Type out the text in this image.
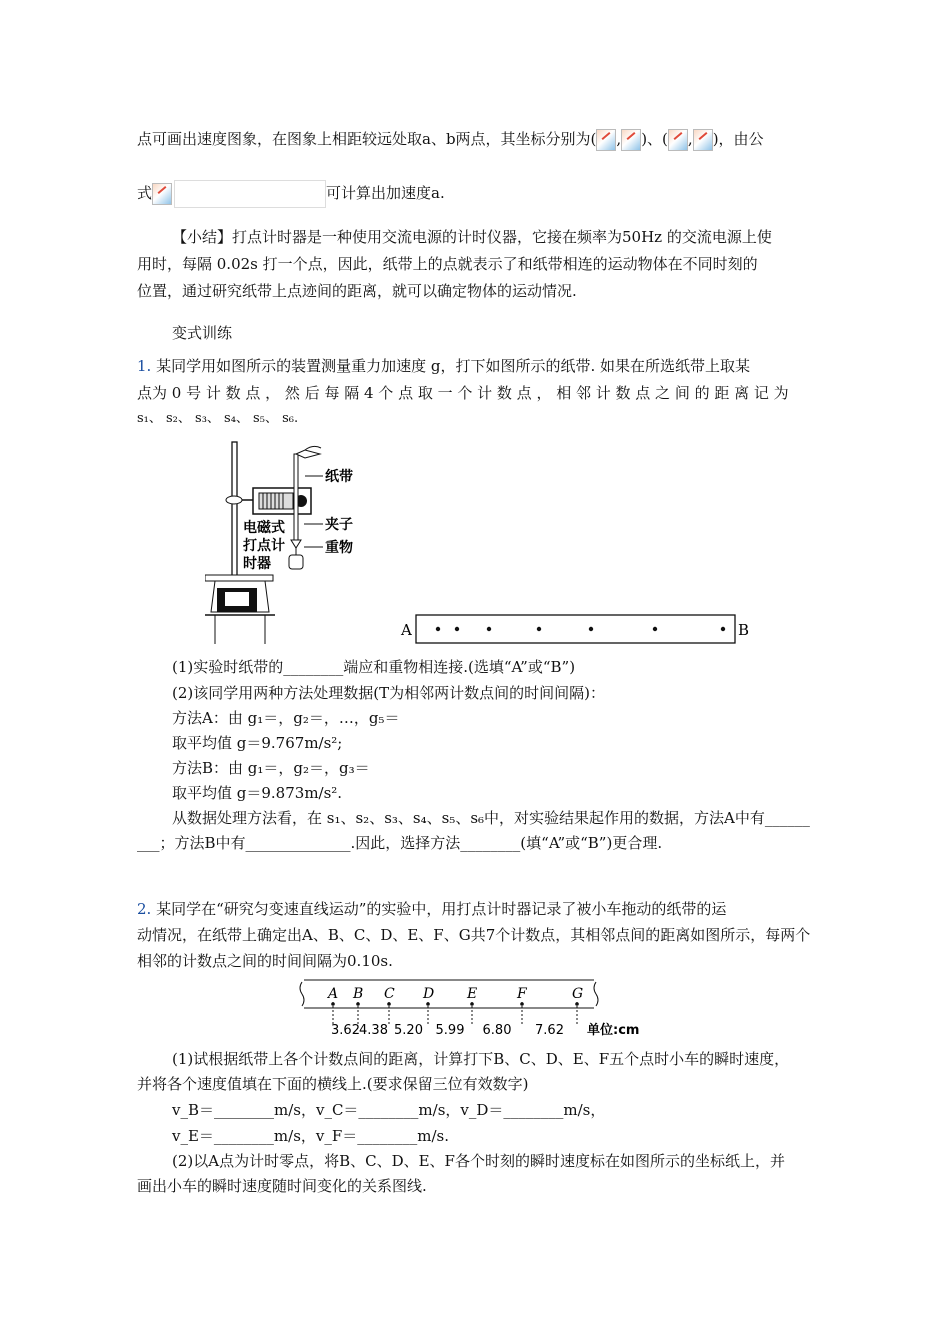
点可画出速度图象，在图象上相距较远处取a、b两点，其坐标分别为( , )、( , )，由公
式	可计算出加速度a.
【小结】打点计时器是一种使用交流电源的计时仪器，它接在频率为50Hz 的交流电源上使
用时，每隔 0.02s 打一个点，因此，纸带上的点就表示了和纸带相连的运动物体在不同时刻的
位置，通过研究纸带上点迹间的距离，就可以确定物体的运动情况.
变式训练
1. 某同学用如图所示的装置测量重力加速度 g，打下如图所示的纸带. 如果在所选纸带上取某
点为 0 号 计 数 点 ， 然 后 每 隔 4 个 点 取 一 个 计 数 点 ， 相 邻 计 数 点 之 间 的 距 离 记 为
s₁、 s₂、 s₃、 s₄、 s₅、 s₆.
纸带
夹子
重物
电磁式
打点计
时器
A	B
(1)实验时纸带的________端应和重物相连接.(选填“A”或“B”)
(2)该同学用两种方法处理数据(T为相邻两计数点间的时间间隔)：
方法A：由 g₁＝，g₂＝，…，g₅＝
取平均值 g＝9.767m/s²;
方法B：由 g₁＝，g₂＝，g₃＝
取平均值 g＝9.873m/s².
从数据处理方法看，在 s₁、s₂、s₃、s₄、s₅、s₆中，对实验结果起作用的数据，方法A中有______
___；方法B中有______________.因此，选择方法________(填“A”或“B”)更合理.
2. 某同学在“研究匀变速直线运动”的实验中，用打点计时器记录了被小车拖动的纸带的运
动情况，在纸带上确定出A、B、C、D、E、F、G共7个计数点，其相邻点间的距离如图所示，每两个
相邻的计数点之间的时间间隔为0.10s.
A B C D E	F	G
3.62 4.38 5.20 5.99 6.80 7.62 单位:cm
(1)试根据纸带上各个计数点间的距离，计算打下B、C、D、E、F五个点时小车的瞬时速度，
并将各个速度值填在下面的横线上.(要求保留三位有效数字)
v_B＝________m/s，v_C＝________m/s，v_D＝________m/s，
v_E＝________m/s，v_F＝________m/s.
(2)以A点为计时零点，将B、C、D、E、F各个时刻的瞬时速度标在如图所示的坐标纸上，并
画出小车的瞬时速度随时间变化的关系图线.
